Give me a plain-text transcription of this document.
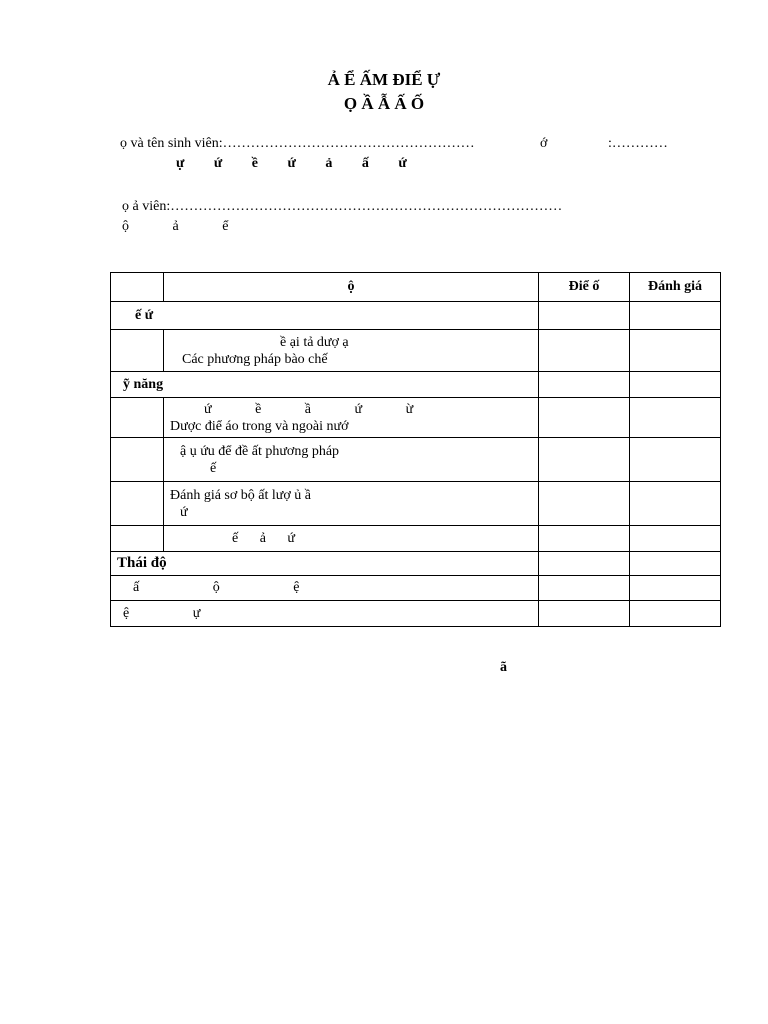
Ả Ể ẤM ĐIỂ Ự
Ọ Ầ Ẫ Ấ Ố
ọ và tên sinh viên:………………………………………………	ớ	:…………
ự ứ ề ứ ả ấ ứ
ọ ả viên:…………………………………………………………………………
ộ ả ể
	ộ	Điể ố	Đánh giá
ế ứ			

	ề ại tả dượ ạ
Các phương pháp bào chế		

ỹ năng			

	ứ ề ầ ứ ừ
Dược điể áo trong và ngoài nướ		

	ậ ụ ứu để đề ất phương pháp
ế		

	Đánh giá sơ bộ ất lượ ủ ầ
ứ		

	ế ả ứ		

Thái độ			
ấ ộ ệ			
ệ ự			
ã
